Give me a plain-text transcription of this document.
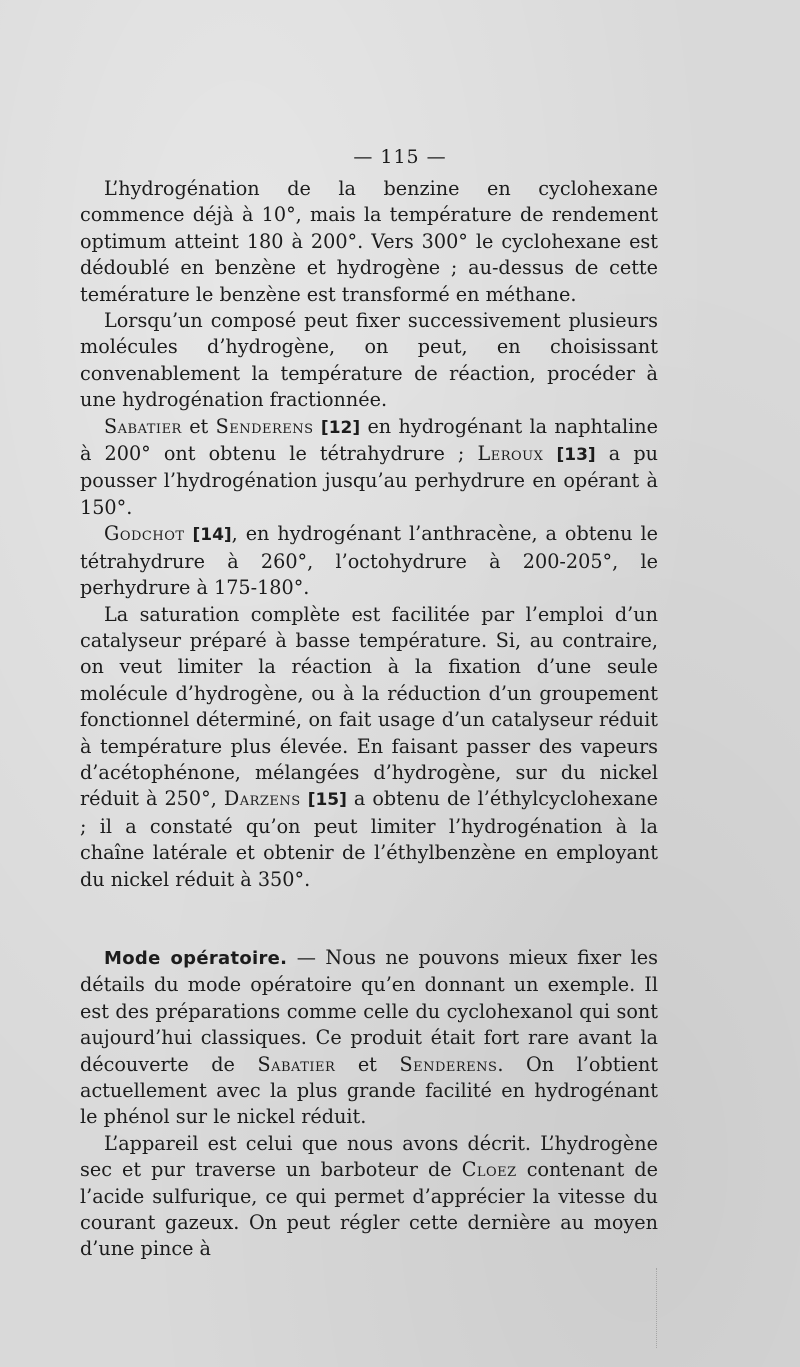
— 115 —

L’hydrogénation de la benzine en cyclohexane commence déjà à 10°, mais la température de rendement optimum atteint 180 à 200°. Vers 300° le cyclohexane est dédoublé en benzène et hydrogène ; au-dessus de cette temérature le benzène est transformé en méthane.

Lorsqu’un composé peut fixer successivement plusieurs molécules d’hydrogène, on peut, en choisissant convenablement la température de réaction, procéder à une hydrogénation fractionnée.

Sabatier et Senderens [12] en hydrogénant la naphtaline à 200° ont obtenu le tétrahydrure ; Leroux [13] a pu pousser l’hydrogénation jusqu’au perhydrure en opérant à 150°.

Godchot [14], en hydrogénant l’anthracène, a obtenu le tétrahydrure à 260°, l’octohydrure à 200-205°, le perhydrure à 175-180°.

La saturation complète est facilitée par l’emploi d’un catalyseur préparé à basse température. Si, au contraire, on veut limiter la réaction à la fixation d’une seule molécule d’hydrogène, ou à la réduction d’un groupement fonctionnel déterminé, on fait usage d’un catalyseur réduit à température plus élevée. En faisant passer des vapeurs d’acétophénone, mélangées d’hydrogène, sur du nickel réduit à 250°, Darzens [15] a obtenu de l’éthylcyclohexane ; il a constaté qu’on peut limiter l’hydrogénation à la chaîne latérale et obtenir de l’éthylbenzène en employant du nickel réduit à 350°.

Mode opératoire. — Nous ne pouvons mieux fixer les détails du mode opératoire qu’en donnant un exemple. Il est des préparations comme celle du cyclohexanol qui sont aujourd’hui classiques. Ce produit était fort rare avant la découverte de Sabatier et Senderens. On l’obtient actuellement avec la plus grande facilité en hydrogénant le phénol sur le nickel réduit.

L’appareil est celui que nous avons décrit. L’hydrogène sec et pur traverse un barboteur de Cloez contenant de l’acide sulfurique, ce qui permet d’apprécier la vitesse du courant gazeux. On peut régler cette dernière au moyen d’une pince à
